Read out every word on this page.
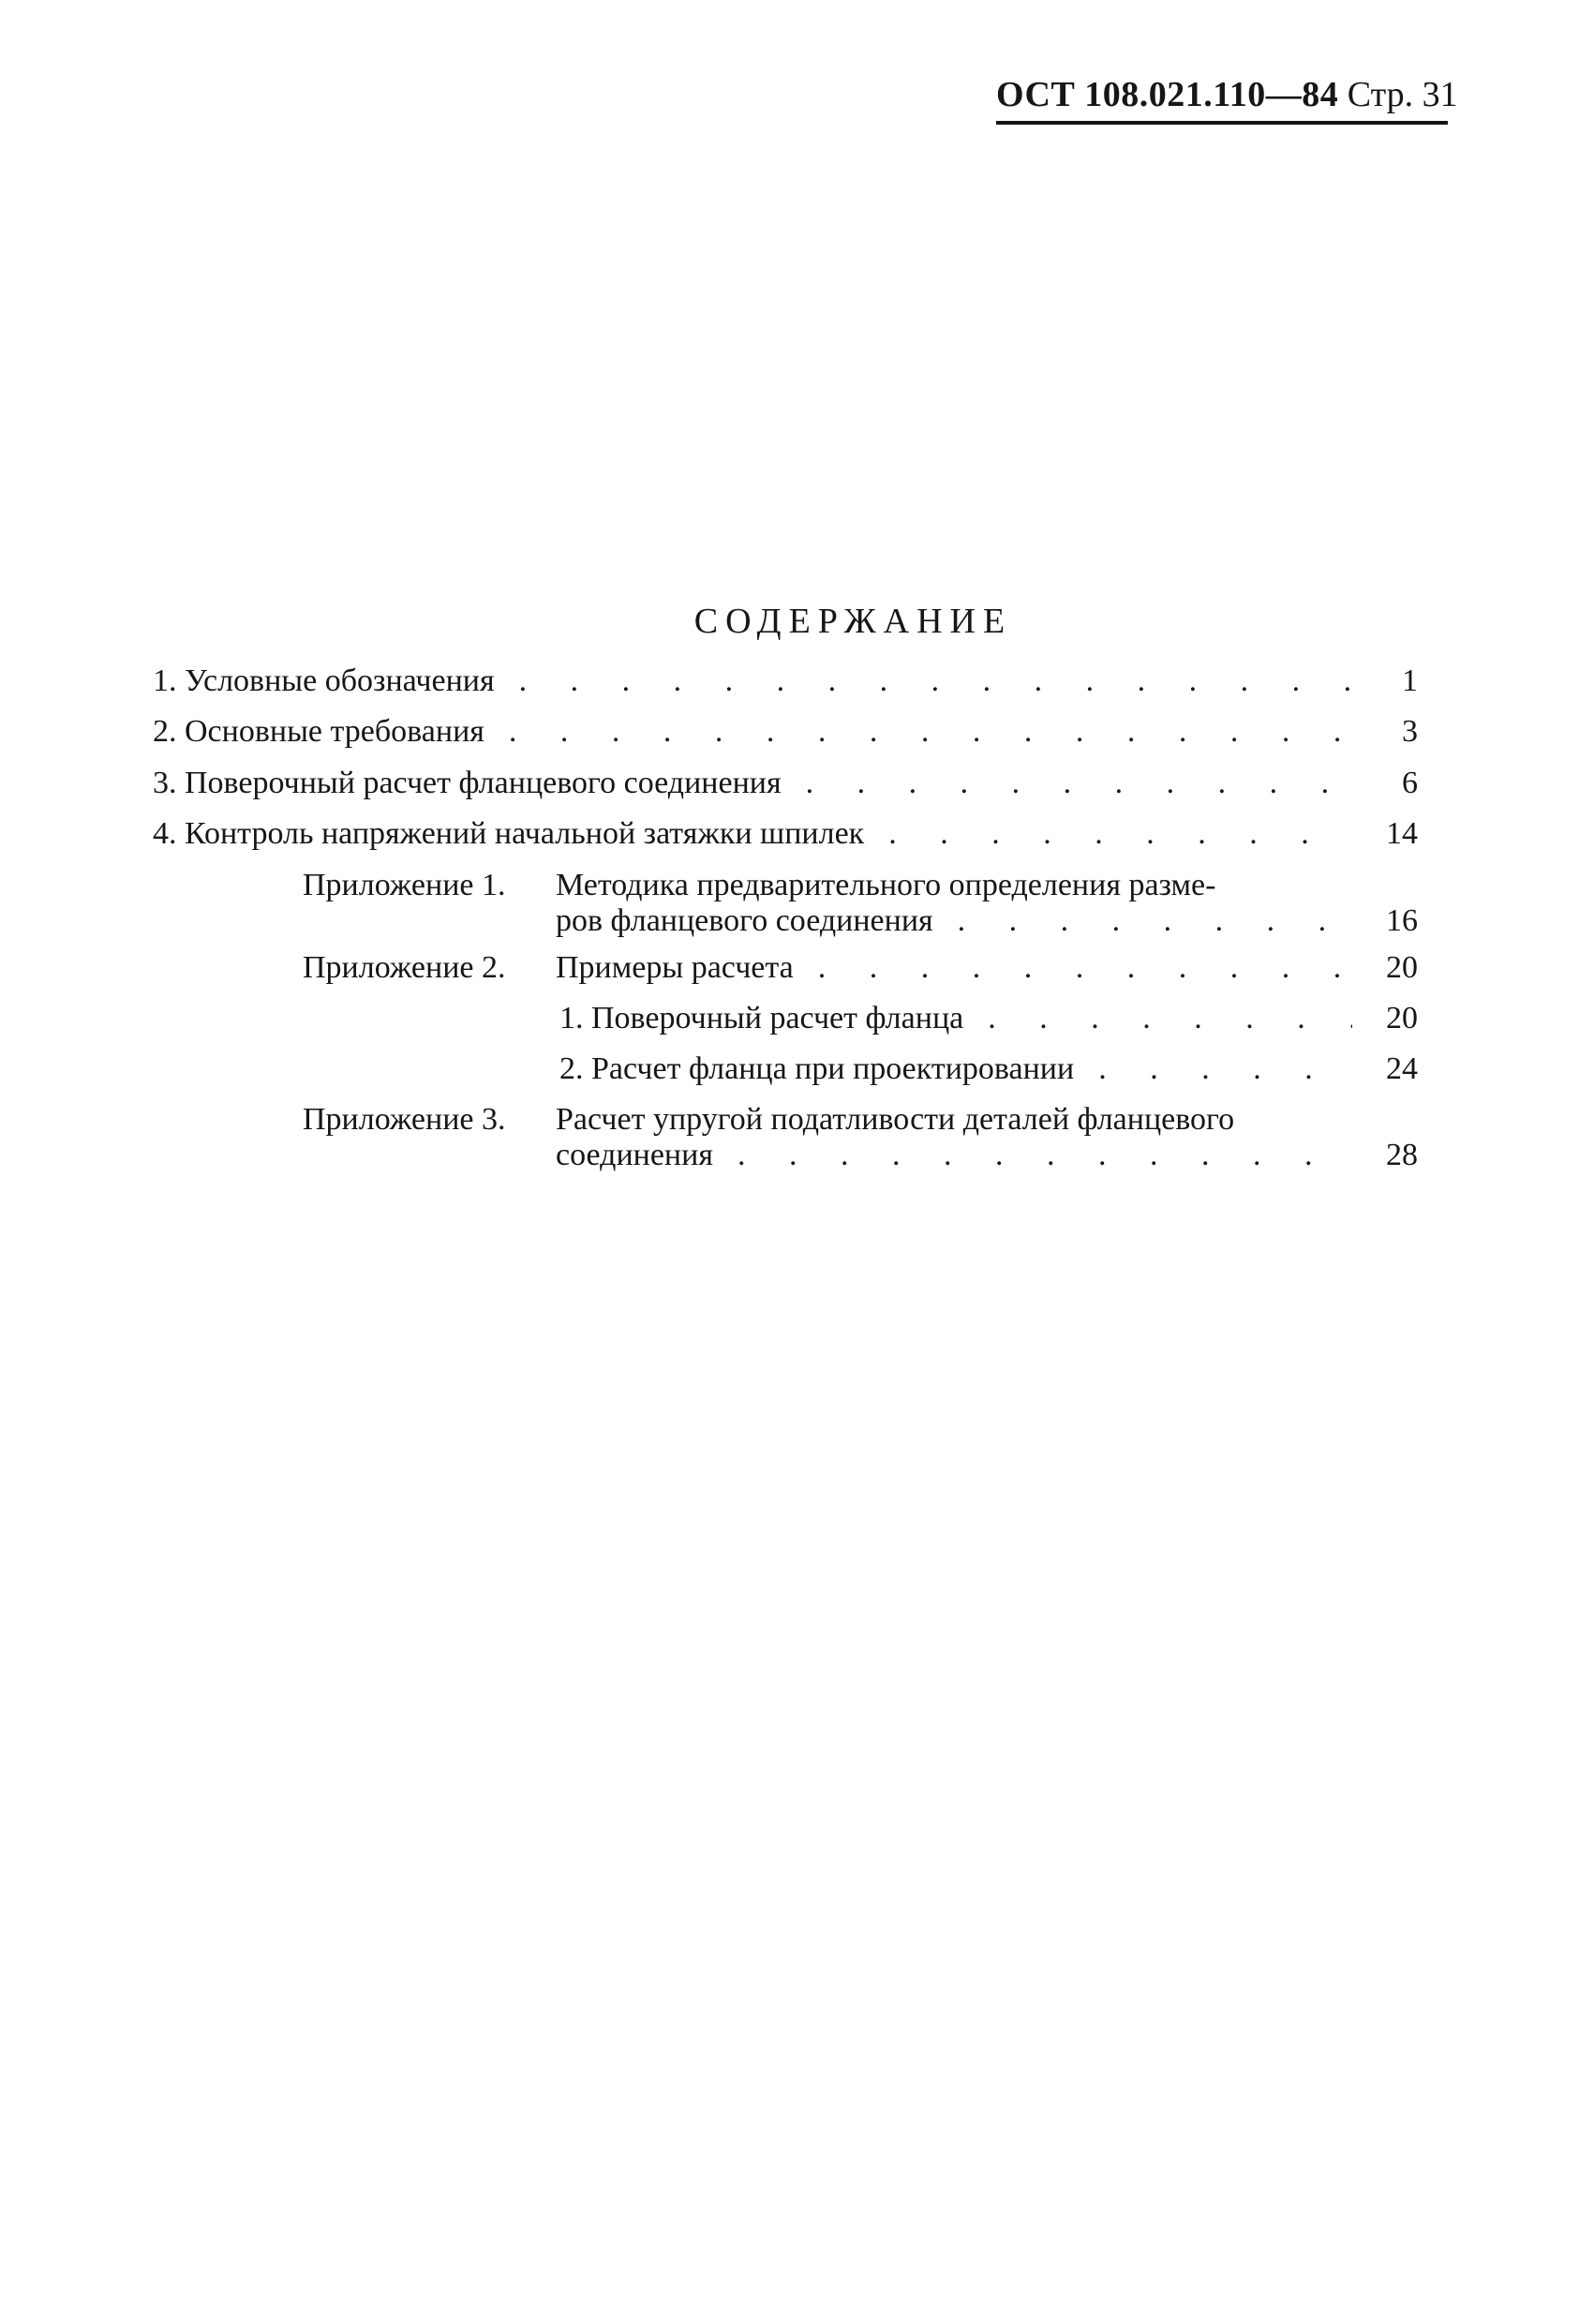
ОСТ 108.021.110—84 Стр. 31
СОДЕРЖАНИЕ
1. Условные обозначения . . .	1
2. Основные требования . . .	3
3. Поверочный расчет фланцевого соединения . . .	6
4. Контроль напряжений начальной затяжки шпилек . . .	14
Приложение 1. Методика предварительного определения разме-
ров фланцевого соединения . . .	16
Приложение 2. Примеры расчета . . .	20
1. Поверочный расчет фланца . . .	20
2. Расчет фланца при проектировании . . .	24
Приложение 3. Расчет упругой податливости деталей фланцевого
соединения . . .	28
